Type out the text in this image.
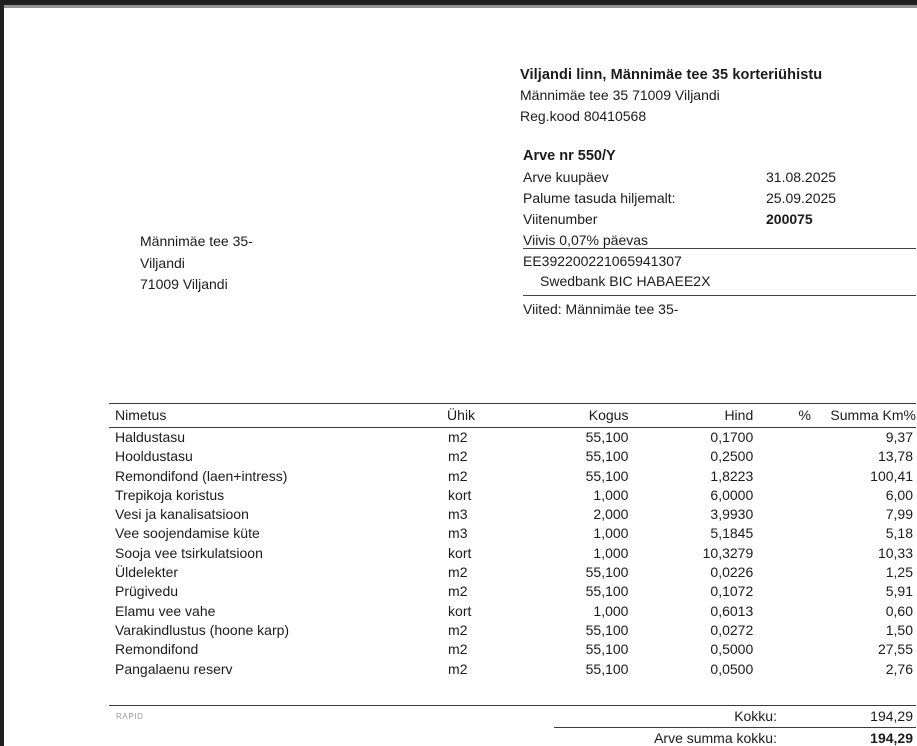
Viljandi linn, Männimäe tee 35 korteriühistu
Männimäe tee 35 71009 Viljandi
Reg.kood 80410568
Arve nr 550/Y
Arve kuupäev	31.08.2025
Palume tasuda hiljemalt:	25.09.2025
Viitenumber	200075
Viivis 0,07% päevas
EE392200221065941307
Swedbank BIC HABAEE2X
Viited: Männimäe tee 35-
Männimäe tee 35-
Viljandi
71009 Viljandi
Nimetus	Ühik	Kogus	Hind	%	Summa Km%
Haldustasu	m2	55,100	0,1700		9,37
Hooldustasu	m2	55,100	0,2500		13,78
Remondifond (laen+intress)	m2	55,100	1,8223		100,41
Trepikoja koristus	kort	1,000	6,0000		6,00
Vesi ja kanalisatsioon	m3	2,000	3,9930		7,99
Vee soojendamise küte	m3	1,000	5,1845		5,18
Sooja vee tsirkulatsioon	kort	1,000	10,3279		10,33
Üldelekter	m2	55,100	0,0226		1,25
Prügivedu	m2	55,100	0,1072		5,91
Elamu vee vahe	kort	1,000	0,6013		0,60
Varakindlustus (hoone karp)	m2	55,100	0,0272		1,50
Remondifond	m2	55,100	0,5000		27,55
Pangalaenu reserv	m2	55,100	0,0500		2,76
Kokku:	194,29
Arve summa kokku:	194,29
RAPID
